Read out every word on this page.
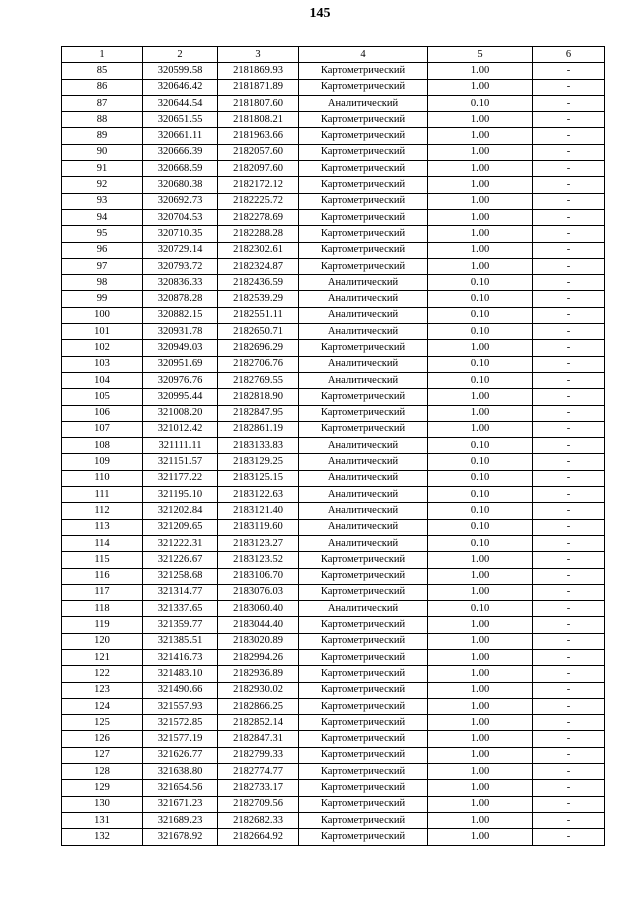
145
1	2	3	4	5	6
85	320599.58	2181869.93	Картометрический	1.00	-
86	320646.42	2181871.89	Картометрический	1.00	-
87	320644.54	2181807.60	Аналитический	0.10	-
88	320651.55	2181808.21	Картометрический	1.00	-
89	320661.11	2181963.66	Картометрический	1.00	-
90	320666.39	2182057.60	Картометрический	1.00	-
91	320668.59	2182097.60	Картометрический	1.00	-
92	320680.38	2182172.12	Картометрический	1.00	-
93	320692.73	2182225.72	Картометрический	1.00	-
94	320704.53	2182278.69	Картометрический	1.00	-
95	320710.35	2182288.28	Картометрический	1.00	-
96	320729.14	2182302.61	Картометрический	1.00	-
97	320793.72	2182324.87	Картометрический	1.00	-
98	320836.33	2182436.59	Аналитический	0.10	-
99	320878.28	2182539.29	Аналитический	0.10	-
100	320882.15	2182551.11	Аналитический	0.10	-
101	320931.78	2182650.71	Аналитический	0.10	-
102	320949.03	2182696.29	Картометрический	1.00	-
103	320951.69	2182706.76	Аналитический	0.10	-
104	320976.76	2182769.55	Аналитический	0.10	-
105	320995.44	2182818.90	Картометрический	1.00	-
106	321008.20	2182847.95	Картометрический	1.00	-
107	321012.42	2182861.19	Картометрический	1.00	-
108	321111.11	2183133.83	Аналитический	0.10	-
109	321151.57	2183129.25	Аналитический	0.10	-
110	321177.22	2183125.15	Аналитический	0.10	-
111	321195.10	2183122.63	Аналитический	0.10	-
112	321202.84	2183121.40	Аналитический	0.10	-
113	321209.65	2183119.60	Аналитический	0.10	-
114	321222.31	2183123.27	Аналитический	0.10	-
115	321226.67	2183123.52	Картометрический	1.00	-
116	321258.68	2183106.70	Картометрический	1.00	-
117	321314.77	2183076.03	Картометрический	1.00	-
118	321337.65	2183060.40	Аналитический	0.10	-
119	321359.77	2183044.40	Картометрический	1.00	-
120	321385.51	2183020.89	Картометрический	1.00	-
121	321416.73	2182994.26	Картометрический	1.00	-
122	321483.10	2182936.89	Картометрический	1.00	-
123	321490.66	2182930.02	Картометрический	1.00	-
124	321557.93	2182866.25	Картометрический	1.00	-
125	321572.85	2182852.14	Картометрический	1.00	-
126	321577.19	2182847.31	Картометрический	1.00	-
127	321626.77	2182799.33	Картометрический	1.00	-
128	321638.80	2182774.77	Картометрический	1.00	-
129	321654.56	2182733.17	Картометрический	1.00	-
130	321671.23	2182709.56	Картометрический	1.00	-
131	321689.23	2182682.33	Картометрический	1.00	-
132	321678.92	2182664.92	Картометрический	1.00	-
